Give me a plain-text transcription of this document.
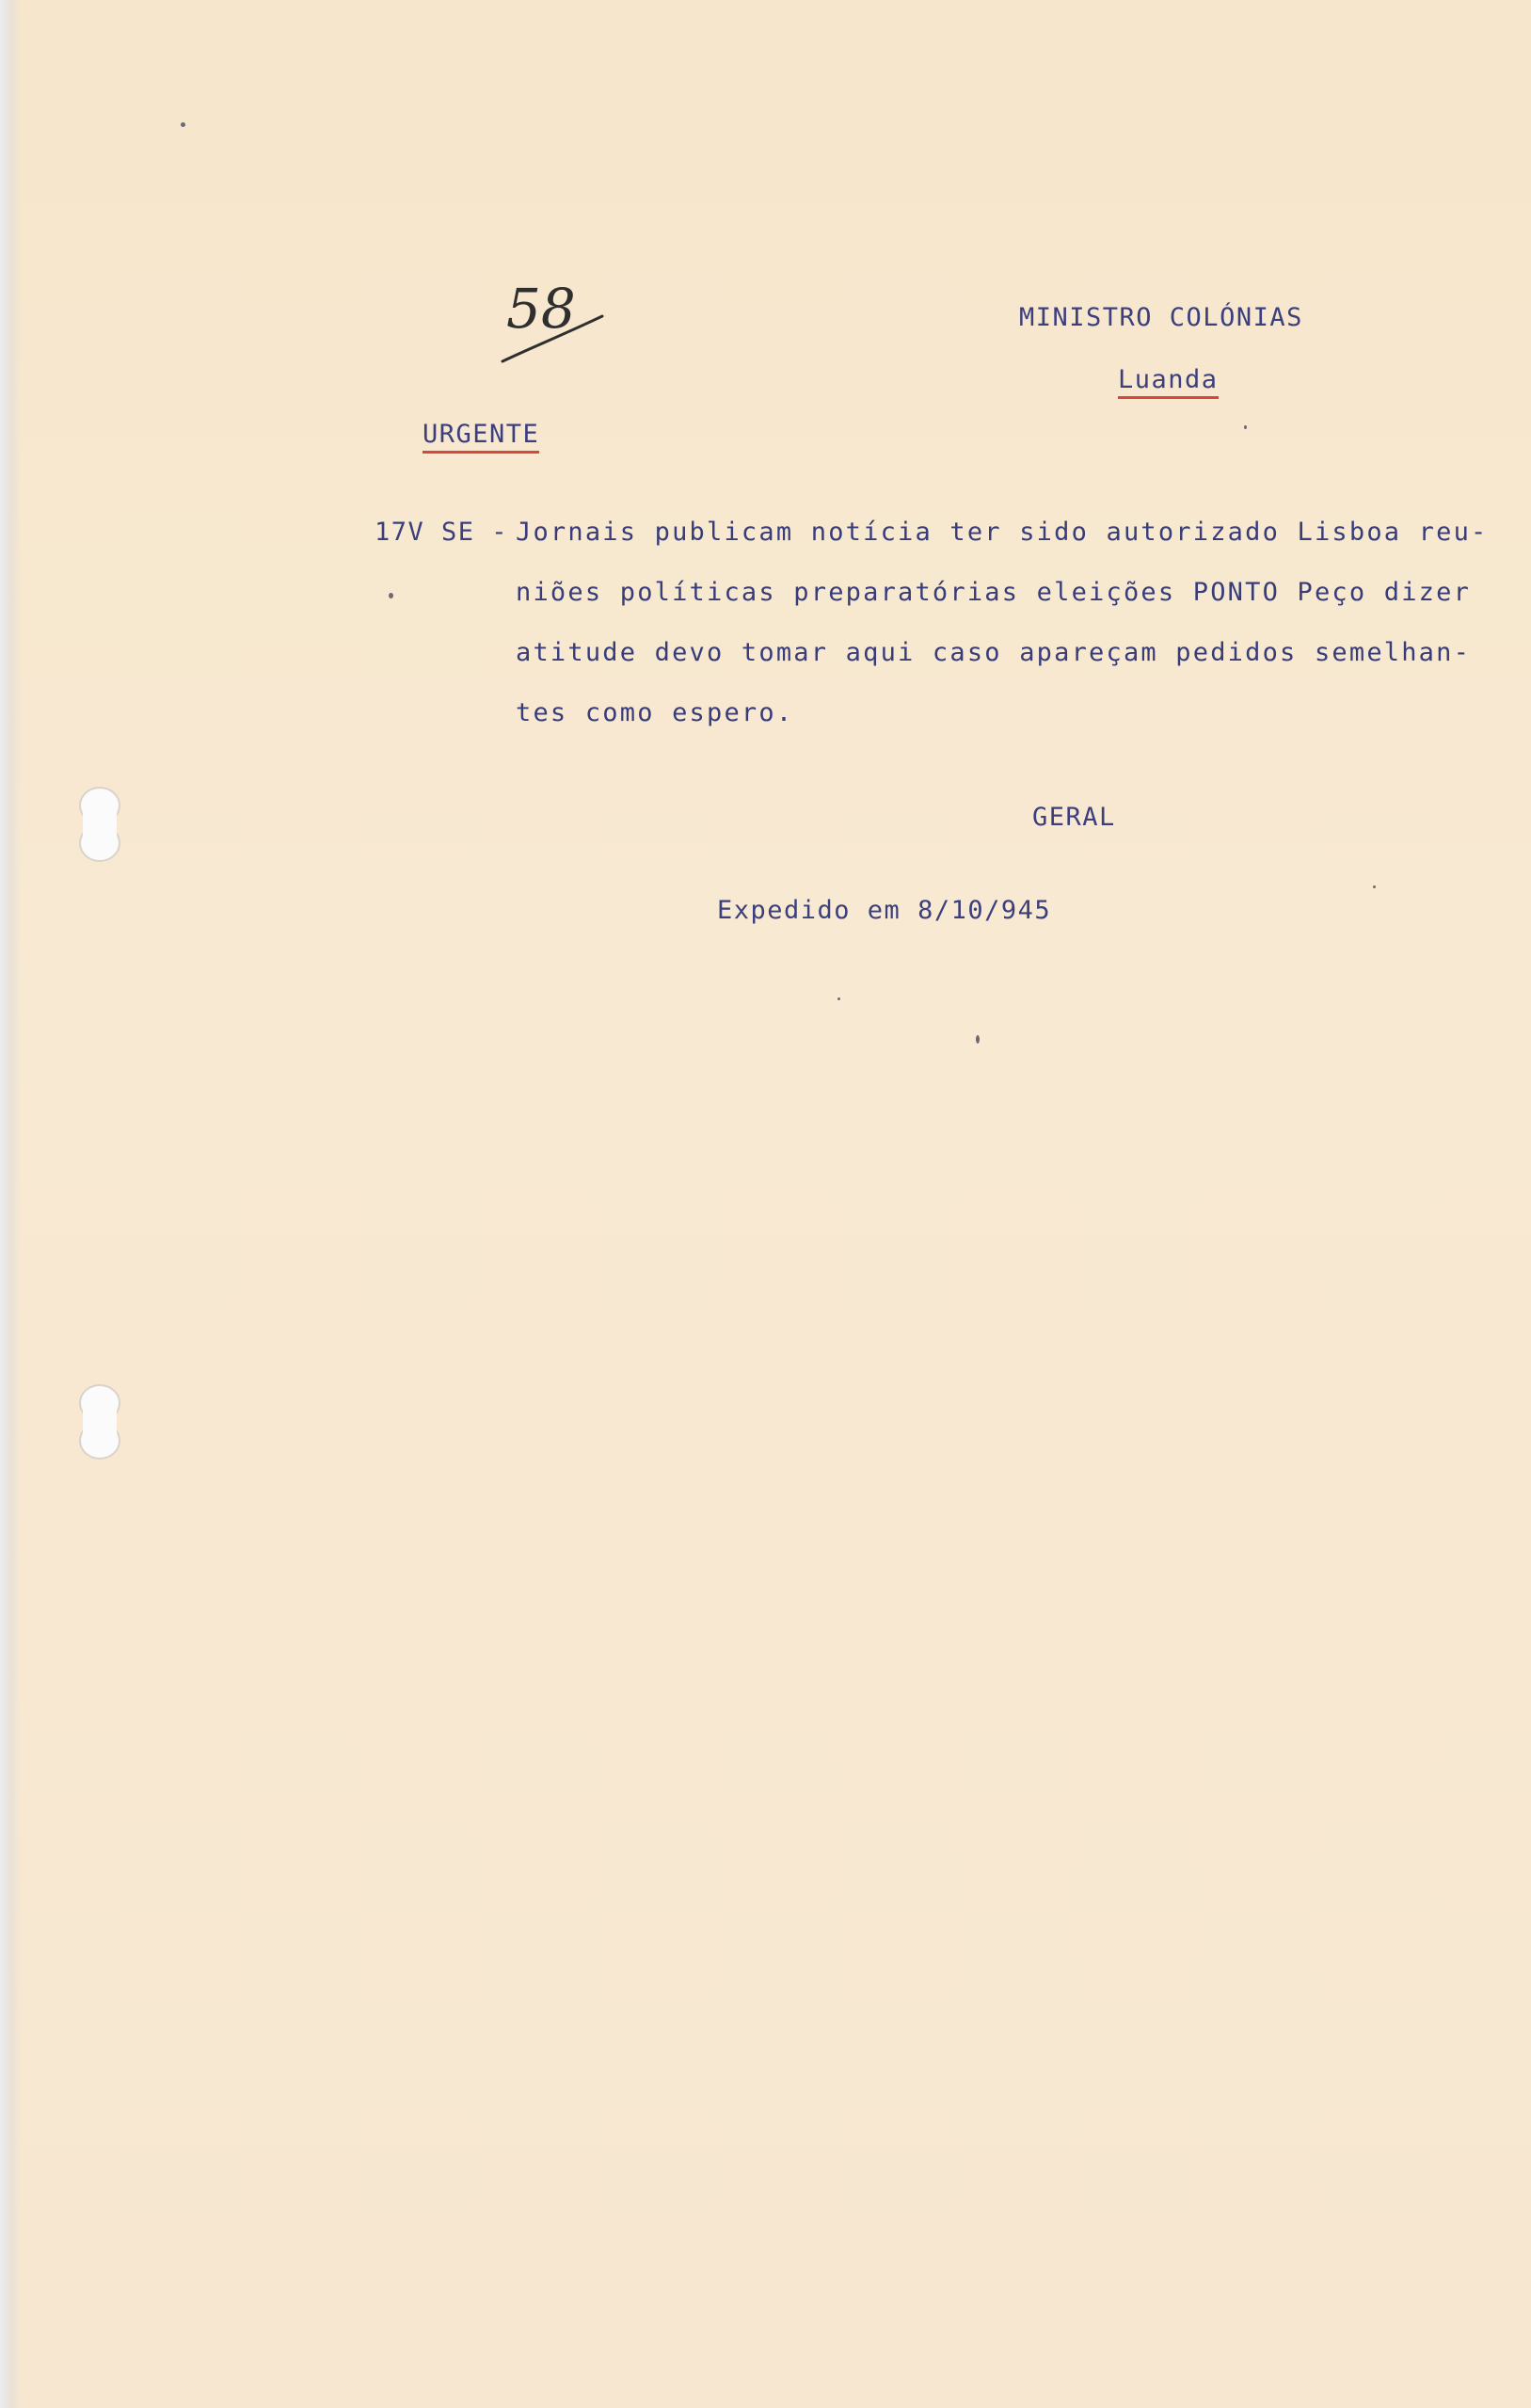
58	MINISTRO COLÓNIAS
Luanda
URGENTE
17V SE - Jornais publicam notícia ter sido autorizado Lisboa reu-
niões políticas preparatórias eleições PONTO Peço dizer
atitude devo tomar aqui caso apareçam pedidos semelhan-
tes como espero.
GERAL
Expedido em 8/10/945
